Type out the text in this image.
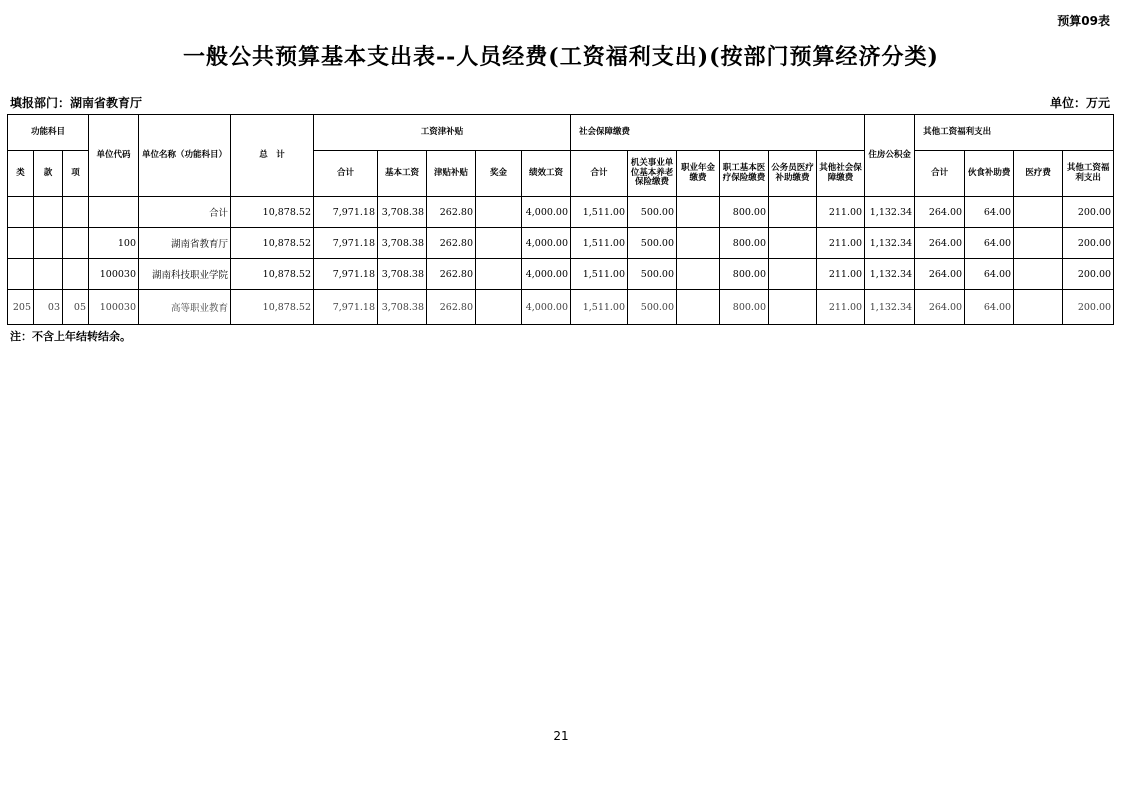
预算09表
一般公共预算基本支出表--人员经费(工资福利支出)(按部门预算经济分类)
填报部门：湖南省教育厅	单位：万元
功能科目			单位代码	单位名称（功能科目）	总　计	工资津补贴					社会保障缴费						住房公积金	其他工资福利支出			
类	款	项				合计	基本工资	津贴补贴	奖金	绩效工资	合计	机关事业单位基本养老保险缴费	职业年金缴费	职工基本医疗保险缴费	公务员医疗补助缴费	其他社会保障缴费		合计	伙食补助费	医疗费	其他工资福利支出
				合计	10,878.52	7,971.18	3,708.38	262.80		4,000.00	1,511.00	500.00		800.00		211.00	1,132.34	264.00	64.00		200.00
			100	湖南省教育厅	10,878.52	7,971.18	3,708.38	262.80		4,000.00	1,511.00	500.00		800.00		211.00	1,132.34	264.00	64.00		200.00
			100030	湖南科技职业学院	10,878.52	7,971.18	3,708.38	262.80		4,000.00	1,511.00	500.00		800.00		211.00	1,132.34	264.00	64.00		200.00
205	03	05	100030	高等职业教育	10,878.52	7,971.18	3,708.38	262.80		4,000.00	1,511.00	500.00		800.00		211.00	1,132.34	264.00	64.00		200.00
注：不含上年结转结余。
21
